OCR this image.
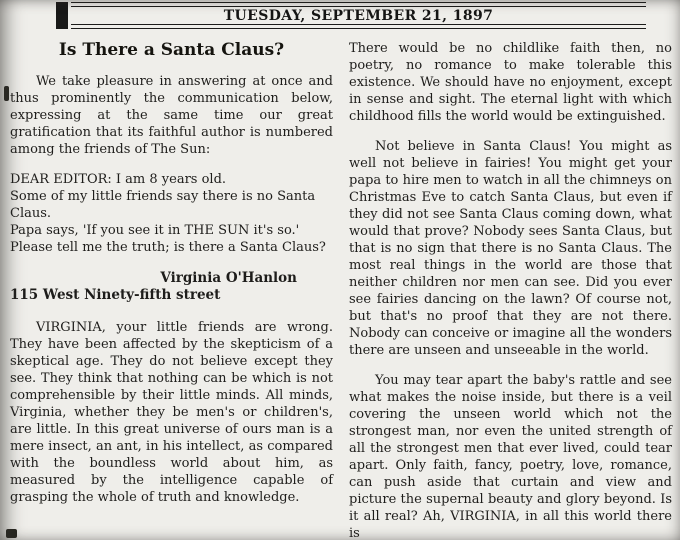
TUESDAY, SEPTEMBER 21, 1897
Is There a Santa Claus?

We take pleasure in answering at once and thus prominently the communication below, expressing at the same time our great gratification that its faithful author is numbered among the friends of The Sun:

DEAR EDITOR: I am 8 years old.
Some of my little friends say there is no Santa Claus.
Papa says, 'If you see it in THE SUN it's so.'
Please tell me the truth; is there a Santa Claus?
Virginia O'Hanlon
115 West Ninety-fifth street

VIRGINIA, your little friends are wrong. They have been affected by the skepticism of a skeptical age. They do not believe except they see. They think that nothing can be which is not comprehensible by their little minds. All minds, Virginia, whether they be men's or children's, are little. In this great universe of ours man is a mere insect, an ant, in his intellect, as compared with the boundless world about him, as measured by the intelligence capable of grasping the whole of truth and knowledge.

There would be no childlike faith then, no poetry, no romance to make tolerable this existence. We should have no enjoyment, except in sense and sight. The eternal light with which childhood fills the world would be extinguished.

Not believe in Santa Claus! You might as well not believe in fairies! You might get your papa to hire men to watch in all the chimneys on Christmas Eve to catch Santa Claus, but even if they did not see Santa Claus coming down, what would that prove? Nobody sees Santa Claus, but that is no sign that there is no Santa Claus. The most real things in the world are those that neither children nor men can see. Did you ever see fairies dancing on the lawn? Of course not, but that's no proof that they are not there. Nobody can conceive or imagine all the wonders there are unseen and unseeable in the world.

You may tear apart the baby's rattle and see what makes the noise inside, but there is a veil covering the unseen world which not the strongest man, nor even the united strength of all the strongest men that ever lived, could tear apart. Only faith, fancy, poetry, love, romance, can push aside that curtain and view and picture the supernal beauty and glory beyond. Is it all real? Ah, VIRGINIA, in all this world there is
